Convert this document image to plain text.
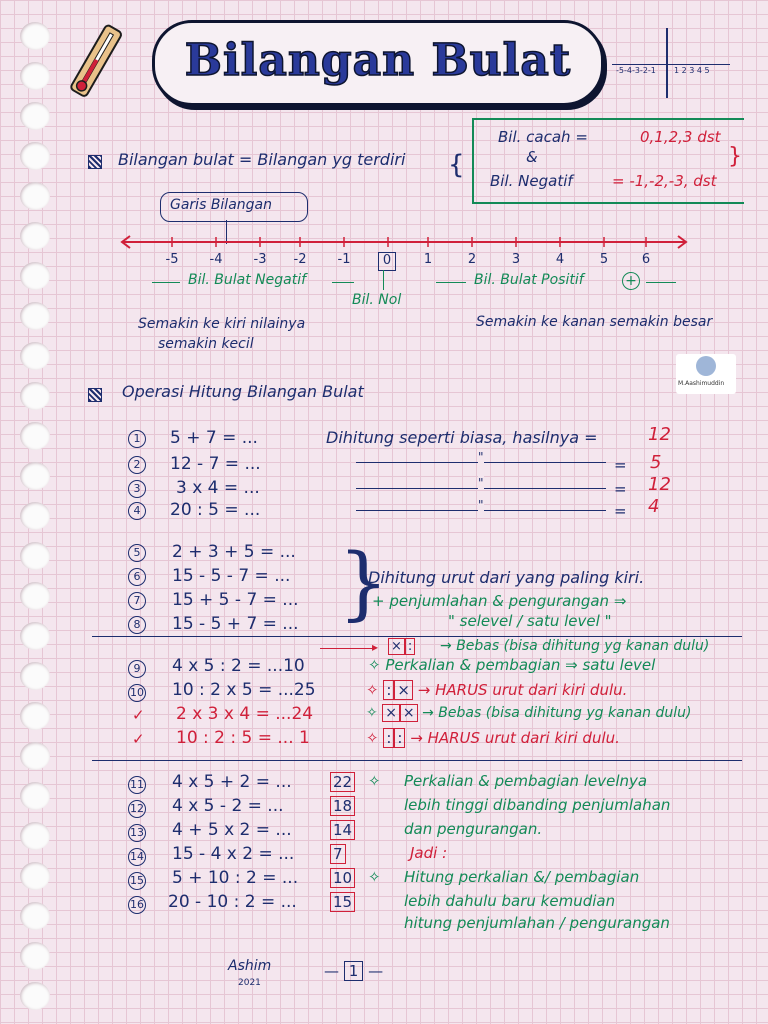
Bilangan Bulat	-5-4-3-2-1 1 2 3 4 5
Bilangan bulat = Bilangan yg terdiri {
Bil. cacah =	0,1,2,3 dst
&
Bil. Negatif	= -1,-2,-3, dst
}
Garis Bilangan
-5 -4 -3 -2 -1	0	1	2	3	4	5	6
Bil. Bulat Negatif
Bil. Nol
Bil. Bulat Positif	+
Semakin ke kiri nilainya
semakin kecil
Semakin ke kanan semakin besar
M.Aashimuddin
Operasi Hitung Bilangan Bulat
1	5 + 7 = ...	Dihitung seperti biasa, hasilnya =	12
2	12 - 7 = ...	"	= 5
3	3 x 4 = ...	"	= 12
4	20 : 5 = ...	"	= 4
5	2 + 3 + 5 = ...
6	15 - 5 - 7 = ...
7	15 + 5 - 7 = ...
8	15 - 5 + 7 = ... }
Dihitung urut dari yang paling kiri.
+ penjumlahan & pengurangan ⇒
" selevel / satu level "
▸ × : → Bebas (bisa dihitung yg kanan dulu)
9	4 x 5 : 2 = ...10	✧ Perkalian & pembagian ⇒ satu level
10 10 : 2 x 5 = ...25	✧ : × → HARUS urut dari kiri dulu.
✓ 2 x 3 x 4 = ...24	✧ × × → Bebas (bisa dihitung yg kanan dulu)
✓ 10 : 2 : 5 = ... 1	✧ : : → HARUS urut dari kiri dulu.
11 4 x 5 + 2 = ...	22
12 4 x 5 - 2 = ...	18
13 4 + 5 x 2 = ...	14
14 15 - 4 x 2 = ...	7
15 5 + 10 : 2 = ... 10
16 20 - 10 : 2 = ... 15
✧ Perkalian & pembagian levelnya
lebih tinggi dibanding penjumlahan
dan pengurangan.
Jadi :
✧ Hitung perkalian &/ pembagian
lebih dahulu baru kemudian
hitung penjumlahan / pengurangan
Ashim
2021
— 1 —
